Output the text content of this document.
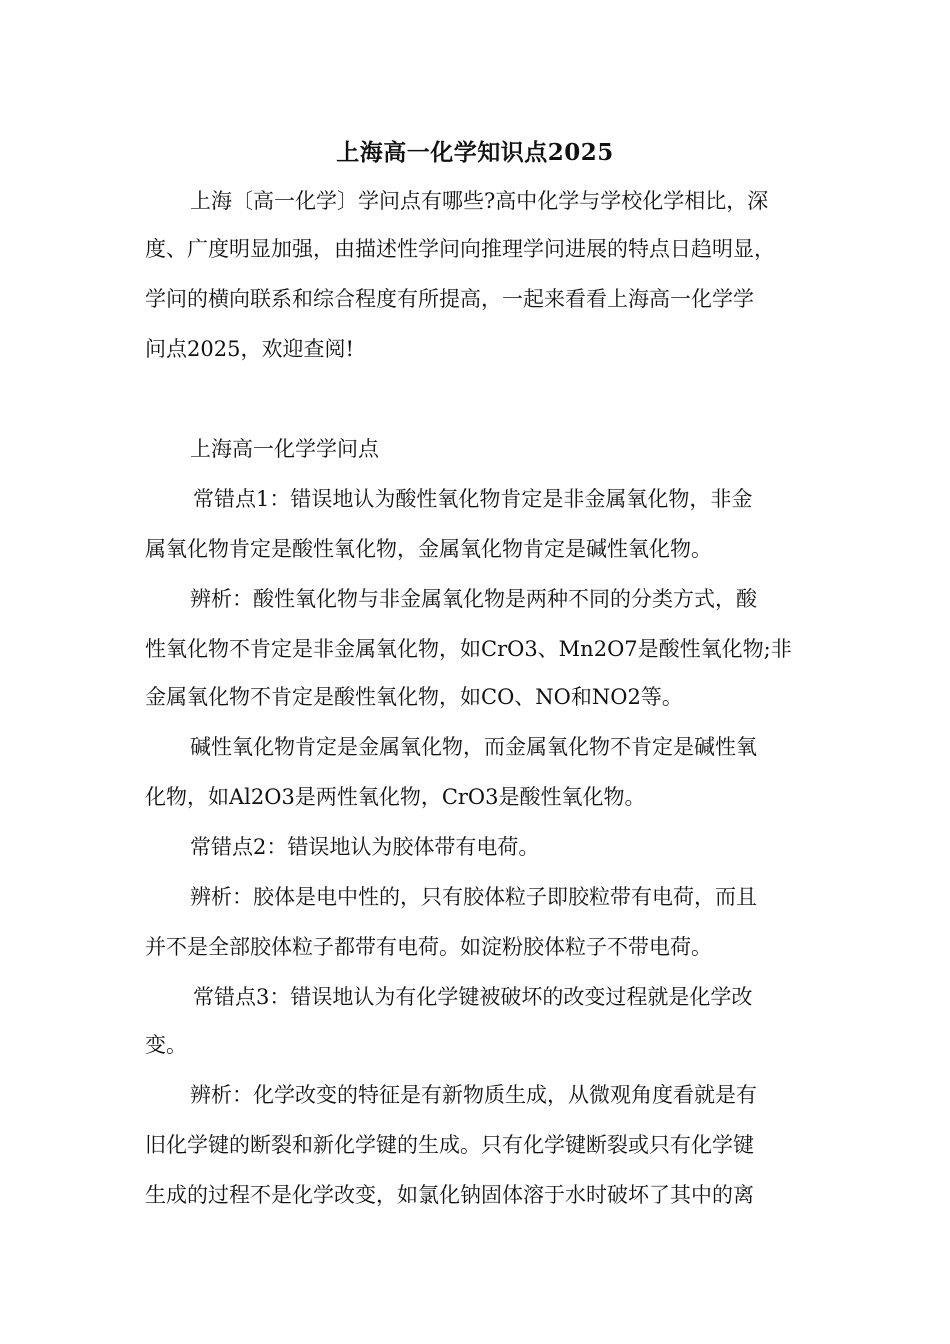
上海高一化学知识点2025
上海〔高一化学〕学问点有哪些?高中化学与学校化学相比，深
度、广度明显加强，由描述性学问向推理学问进展的特点日趋明显，
学问的横向联系和综合程度有所提高，一起来看看上海高一化学学
问点2025，欢迎查阅!
上海高一化学学问点
常错点1：错误地认为酸性氧化物肯定是非金属氧化物，非金
属氧化物肯定是酸性氧化物，金属氧化物肯定是碱性氧化物。
辨析：酸性氧化物与非金属氧化物是两种不同的分类方式，酸
性氧化物不肯定是非金属氧化物，如CrO3、Mn2O7是酸性氧化物;非
金属氧化物不肯定是酸性氧化物，如CO、NO和NO2等。
碱性氧化物肯定是金属氧化物，而金属氧化物不肯定是碱性氧
化物，如Al2O3是两性氧化物，CrO3是酸性氧化物。
常错点2：错误地认为胶体带有电荷。
辨析：胶体是电中性的，只有胶体粒子即胶粒带有电荷，而且
并不是全部胶体粒子都带有电荷。如淀粉胶体粒子不带电荷。
常错点3：错误地认为有化学键被破坏的改变过程就是化学改
变。
辨析：化学改变的特征是有新物质生成，从微观角度看就是有
旧化学键的断裂和新化学键的生成。只有化学键断裂或只有化学键
生成的过程不是化学改变，如氯化钠固体溶于水时破坏了其中的离
